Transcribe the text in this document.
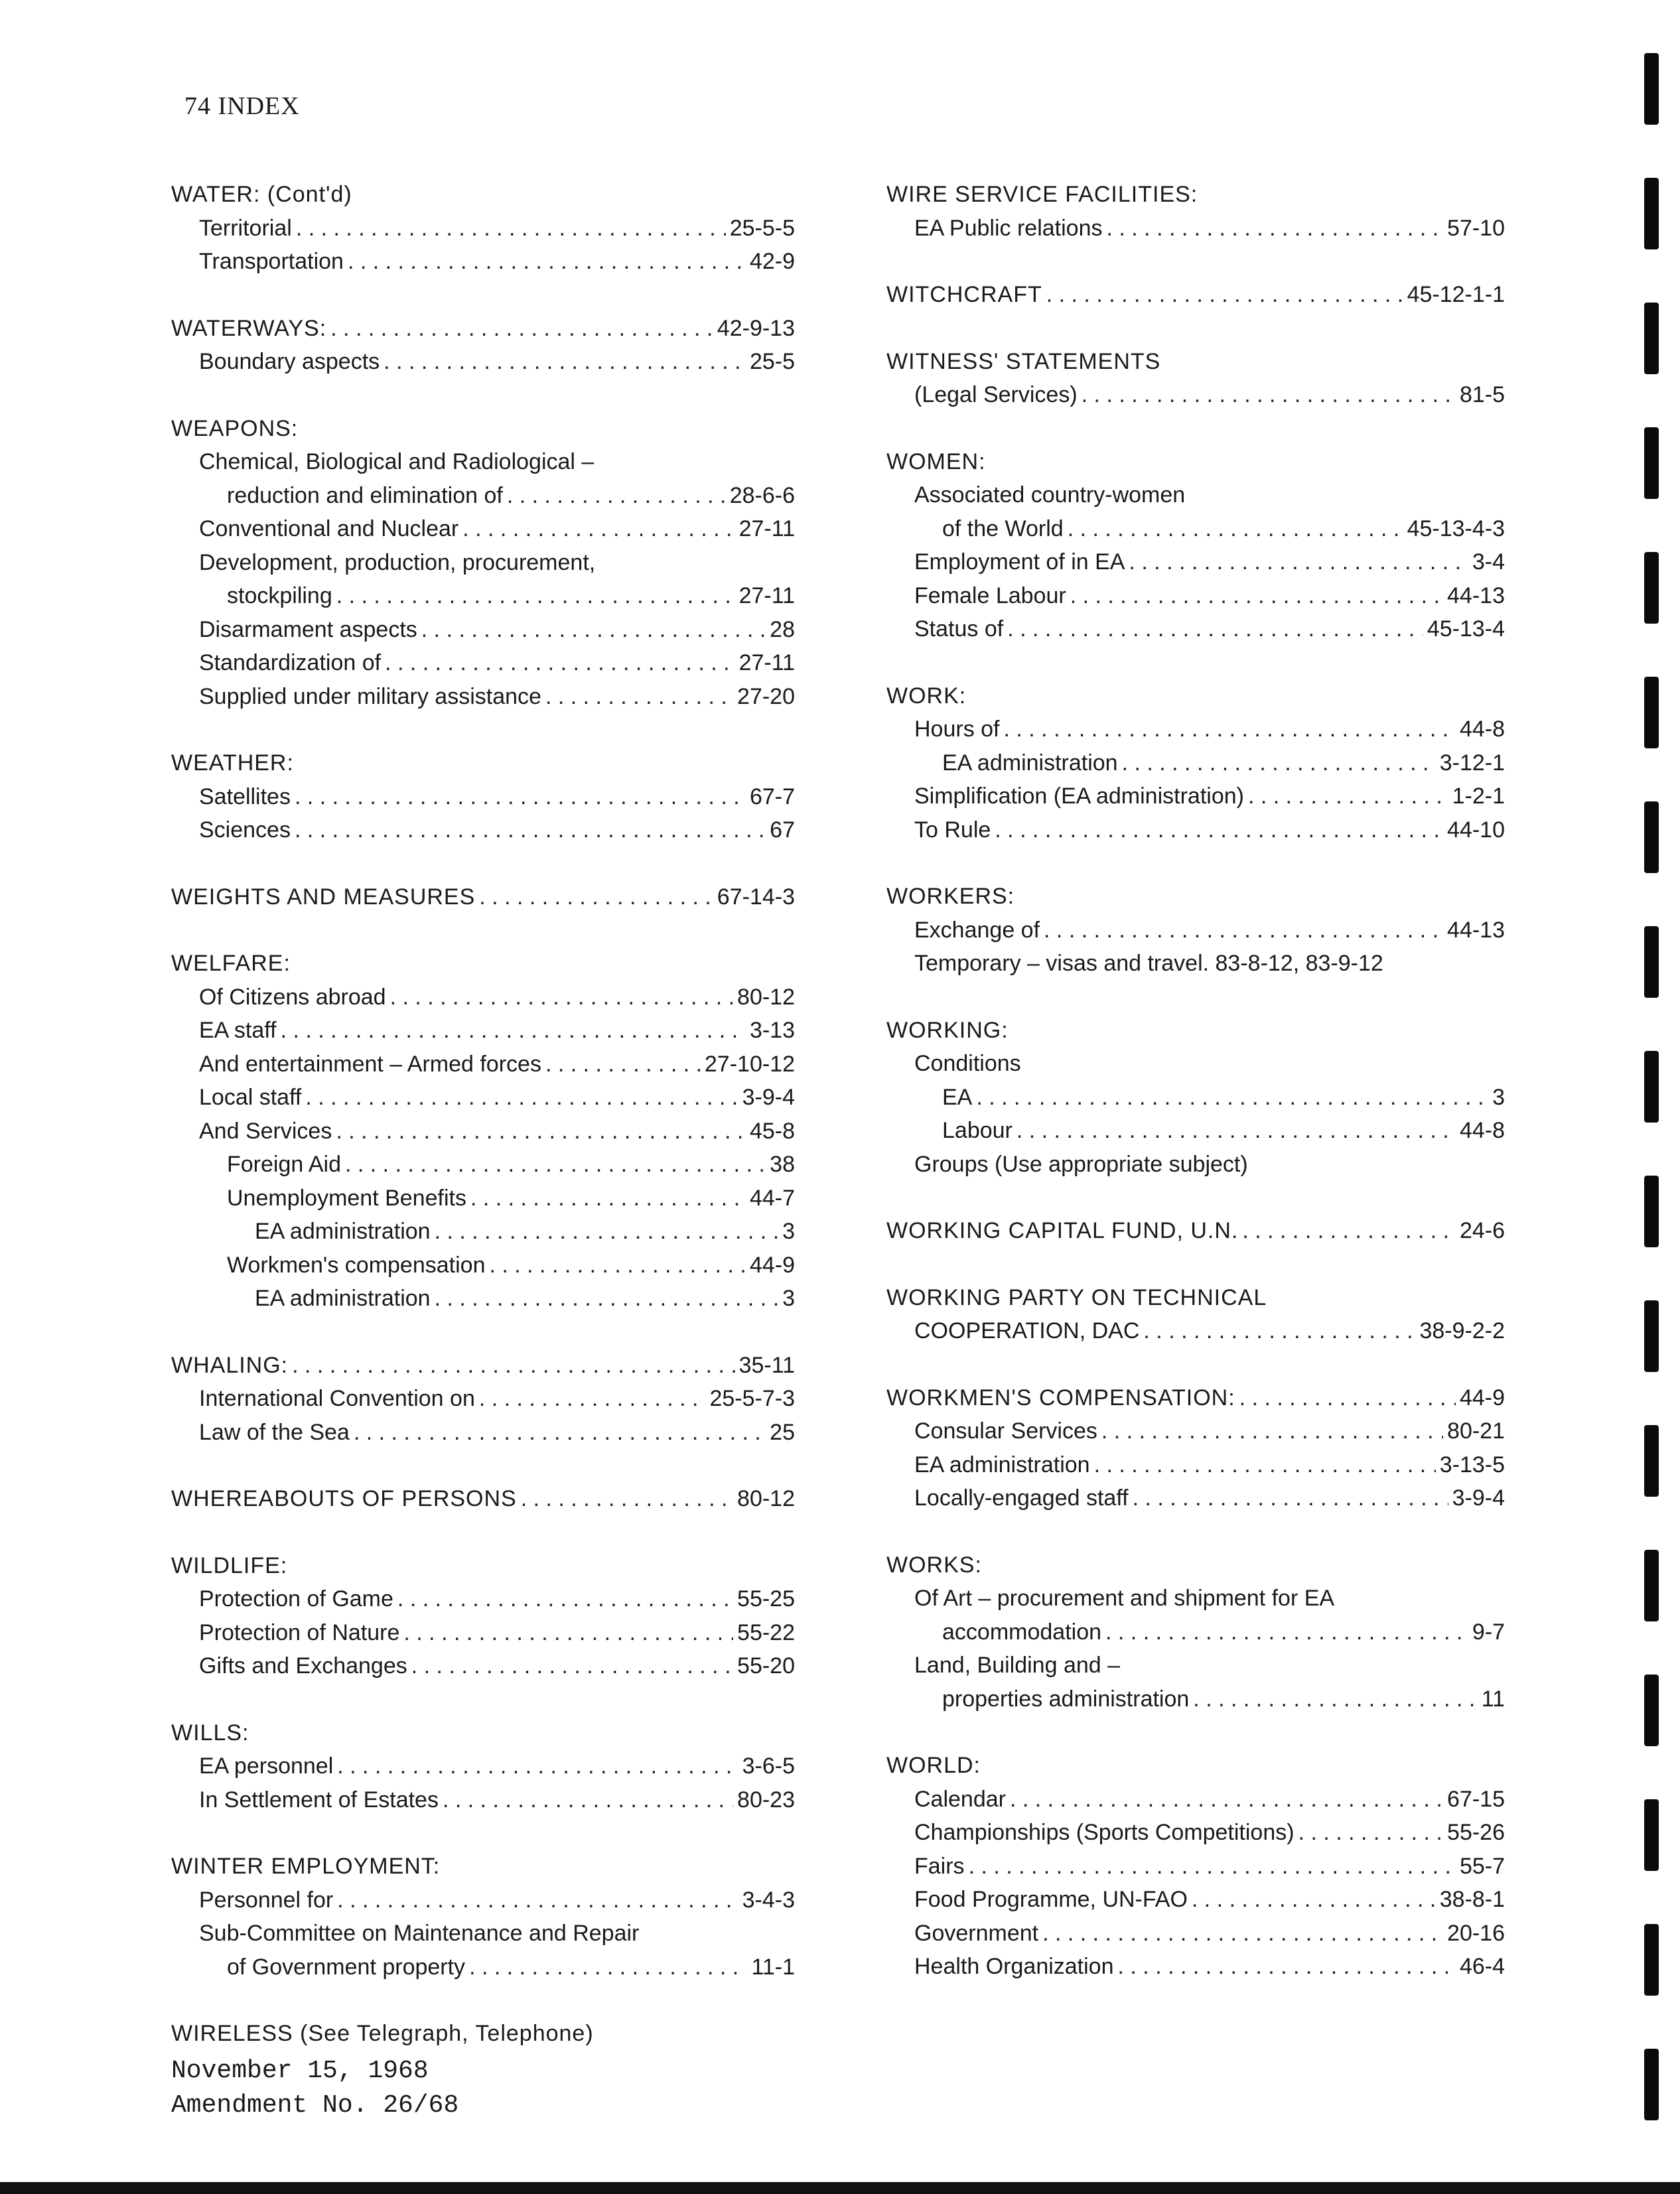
74 INDEX
WATER: (Cont'd)
Territorial . . .	25-5-5
Transportation . . .	42-9
WATERWAYS: . . .	42-9-13
Boundary aspects . . .	25-5
WEAPONS:
Chemical, Biological and Radiological –
reduction and elimination of . . .	28-6-6
Conventional and Nuclear . . .	27-11
Development, production, procurement,
stockpiling . . .	27-11
Disarmament aspects . . .	28
Standardization of . . .	27-11
Supplied under military assistance . . .	27-20
WEATHER:
Satellites . . .	67-7
Sciences . . .	67
WEIGHTS AND MEASURES . . .	67-14-3
WELFARE:
Of Citizens abroad . . .	80-12
EA staff . . .	3-13
And entertainment – Armed forces . . .	27-10-12
Local staff . . .	3-9-4
And Services . . .	45-8
Foreign Aid . . .	38
Unemployment Benefits . . .	44-7
EA administration . . .	3
Workmen's compensation . . .	44-9
EA administration . . .	3
WHALING: . . .	35-11
International Convention on . . .	25-5-7-3
Law of the Sea . . .	25
WHEREABOUTS OF PERSONS . . .	80-12
WILDLIFE:
Protection of Game . . .	55-25
Protection of Nature . . .	55-22
Gifts and Exchanges . . .	55-20
WILLS:
EA personnel . . .	3-6-5
In Settlement of Estates . . .	80-23
WINTER EMPLOYMENT:
Personnel for . . .	3-4-3
Sub-Committee on Maintenance and Repair
of Government property . . .	11-1
WIRELESS (See Telegraph, Telephone)
WIRE SERVICE FACILITIES:
EA Public relations . . .	57-10
WITCHCRAFT . . .	45-12-1-1
WITNESS' STATEMENTS
(Legal Services) . . .	81-5
WOMEN:
Associated country-women
of the World . . .	45-13-4-3
Employment of in EA . . .	3-4
Female Labour . . .	44-13
Status of . . .	45-13-4
WORK:
Hours of . . .	44-8
EA administration . . .	3-12-1
Simplification (EA administration) . . .	1-2-1
To Rule . . .	44-10
WORKERS:
Exchange of . . .	44-13
Temporary – visas and travel. 83-8-12, 83-9-12
WORKING:
Conditions
EA . . .	3
Labour . . .	44-8
Groups (Use appropriate subject)
WORKING CAPITAL FUND, U.N. . . .	24-6
WORKING PARTY ON TECHNICAL
COOPERATION, DAC . . .	38-9-2-2
WORKMEN'S COMPENSATION: . . .	44-9
Consular Services . . .	80-21
EA administration . . .	3-13-5
Locally-engaged staff . . .	3-9-4
WORKS:
Of Art – procurement and shipment for EA
accommodation . . .	9-7
Land, Building and –
properties administration . . .	11
WORLD:
Calendar . . .	67-15
Championships (Sports Competitions) . . .	55-26
Fairs . . .	55-7
Food Programme, UN-FAO . . .	38-8-1
Government . . .	20-16
Health Organization . . .	46-4
November 15, 1968
Amendment No. 26/68
